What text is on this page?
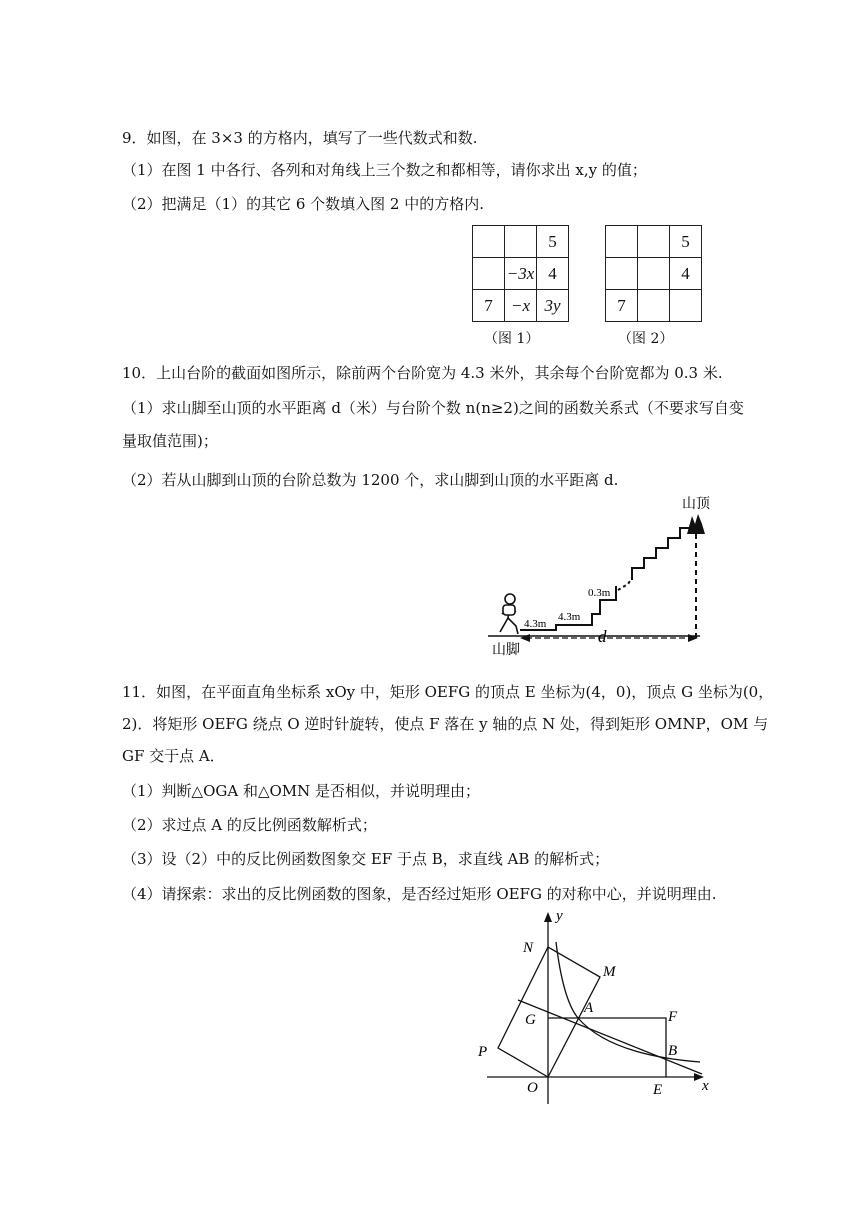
9．如图，在 3×3 的方格内，填写了一些代数式和数.
（1）在图 1 中各行、各列和对角线上三个数之和都相等，请你求出 x,y 的值；
（2）把满足（1）的其它 6 个数填入图 2 中的方格内.
		5
	−3x	4
7	−x	3y
（图 1）
		5
		4
7		
（图 2）
10．上山台阶的截面如图所示，除前两个台阶宽为 4.3 米外，其余每个台阶宽都为 0.3 米.
（1）求山脚至山顶的水平距离 d（米）与台阶个数 n(n≥2)之间的函数关系式（不要求写自变
量取值范围)；
（2）若从山脚到山顶的台阶总数为 1200 个，求山脚到山顶的水平距离 d.
d
4.3m
4.3m
0.3m
山顶
山脚
11．如图，在平面直角坐标系 xOy 中，矩形 OEFG 的顶点 E 坐标为(4，0)，顶点 G 坐标为(0，
2)．将矩形 OEFG 绕点 O 逆时针旋转，使点 F 落在 y 轴的点 N 处，得到矩形 OMNP，OM 与
GF 交于点 A．
（1）判断△OGA 和△OMN 是否相似，并说明理由；
（2）求过点 A 的反比例函数解析式；
（3）设（2）中的反比例函数图象交 EF 于点 B，求直线 AB 的解析式；
（4）请探索：求出的反比例函数的图象，是否经过矩形 OEFG 的对称中心，并说明理由.
y
x
N
M
A
G	F
P	B
O	E
